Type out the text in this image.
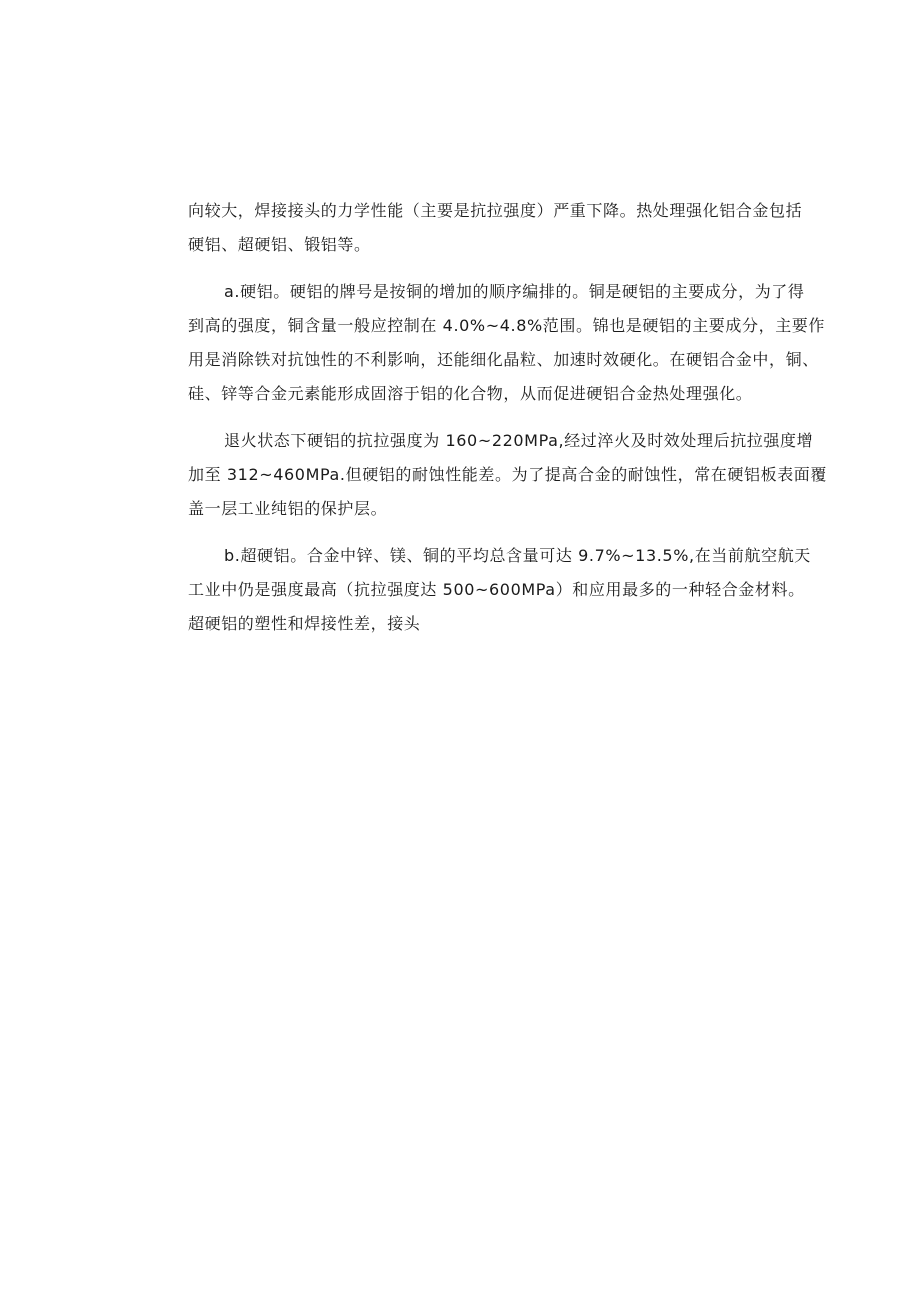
向较大，焊接接头的力学性能（主要是抗拉强度）严重下降。热处理强化铝合金包括
硬铝、超硬铝、锻铝等。
a.硬铝。硬铝的牌号是按铜的增加的顺序编排的。铜是硬铝的主要成分，为了得
到高的强度，铜含量一般应控制在 4.0%~4.8%范围。锦也是硬铝的主要成分，主要作
用是消除铁对抗蚀性的不利影响，还能细化晶粒、加速时效硬化。在硬铝合金中，铜、
硅、锌等合金元素能形成固溶于铝的化合物，从而促进硬铝合金热处理强化。
退火状态下硬铝的抗拉强度为 160~220MPa,经过淬火及时效处理后抗拉强度增
加至 312~460MPa.但硬铝的耐蚀性能差。为了提高合金的耐蚀性，常在硬铝板表面覆
盖一层工业纯铝的保护层。
b.超硬铝。合金中锌、镁、铜的平均总含量可达 9.7%~13.5%,在当前航空航天
工业中仍是强度最高（抗拉强度达 500~600MPa）和应用最多的一种轻合金材料。
超硬铝的塑性和焊接性差，接头
